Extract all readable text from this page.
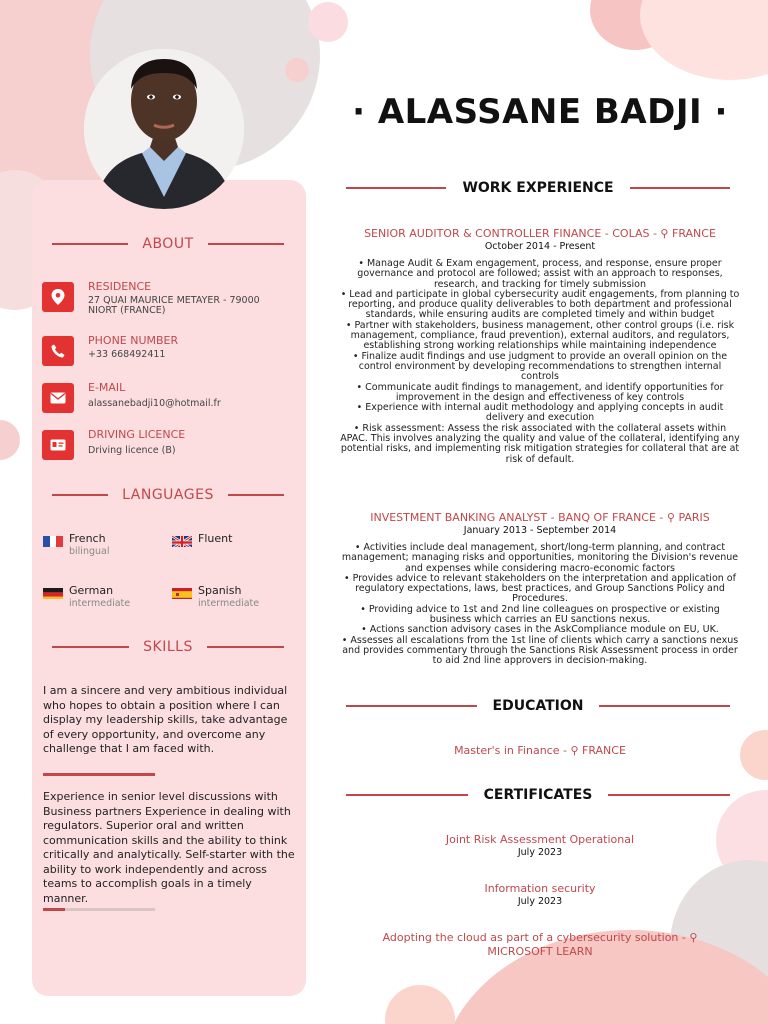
ABOUT
RESIDENCE
27 QUAI MAURICE METAYER - 79000 NIORT (FRANCE)
PHONE NUMBER
+33 668492411
E-MAIL
alassanebadji10@hotmail.fr
DRIVING LICENCE
Driving licence (B)
LANGUAGES
French
bilingual
Fluent
German
intermediate
Spanish
intermediate
SKILLS
I am a sincere and very ambitious individual who hopes to obtain a position where I can display my leadership skills, take advantage of every opportunity, and overcome any challenge that I am faced with.
Experience in senior level discussions with Business partners Experience in dealing with regulators. Superior oral and written communication skills and the ability to think critically and analytically. Self-starter with the ability to work independently and across teams to accomplish goals in a timely manner.
· ALASSANE BADJI ·
WORK EXPERIENCE
SENIOR AUDITOR & CONTROLLER FINANCE - COLAS - ⚲ FRANCE
October 2014 - Present
• Manage Audit & Exam engagement, process, and response, ensure proper governance and protocol are followed; assist with an approach to responses, research, and tracking for timely submission
• Lead and participate in global cybersecurity audit engagements, from planning to reporting, and produce quality deliverables to both department and professional standards, while ensuring audits are completed timely and within budget
• Partner with stakeholders, business management, other control groups (i.e. risk management, compliance, fraud prevention), external auditors, and regulators, establishing strong working relationships while maintaining independence
• Finalize audit findings and use judgment to provide an overall opinion on the control environment by developing recommendations to strengthen internal controls
• Communicate audit findings to management, and identify opportunities for improvement in the design and effectiveness of key controls
• Experience with internal audit methodology and applying concepts in audit delivery and execution
• Risk assessment: Assess the risk associated with the collateral assets within APAC. This involves analyzing the quality and value of the collateral, identifying any potential risks, and implementing risk mitigation strategies for collateral that are at risk of default.
INVESTMENT BANKING ANALYST - BANQ OF FRANCE - ⚲ PARIS
January 2013 - September 2014
• Activities include deal management, short/long-term planning, and contract management; managing risks and opportunities, monitoring the Division's revenue and expenses while considering macro-economic factors
• Provides advice to relevant stakeholders on the interpretation and application of regulatory expectations, laws, best practices, and Group Sanctions Policy and Procedures.
• Providing advice to 1st and 2nd line colleagues on prospective or existing business which carries an EU sanctions nexus.
• Actions sanction advisory cases in the AskCompliance module on EU, UK.
• Assesses all escalations from the 1st line of clients which carry a sanctions nexus and provides commentary through the Sanctions Risk Assessment process in order to aid 2nd line approvers in decision-making.
EDUCATION
Master's in Finance - ⚲ FRANCE
CERTIFICATES
Joint Risk Assessment Operational
July 2023
Information security
July 2023
Adopting the cloud as part of a cybersecurity solution - ⚲ MICROSOFT LEARN
